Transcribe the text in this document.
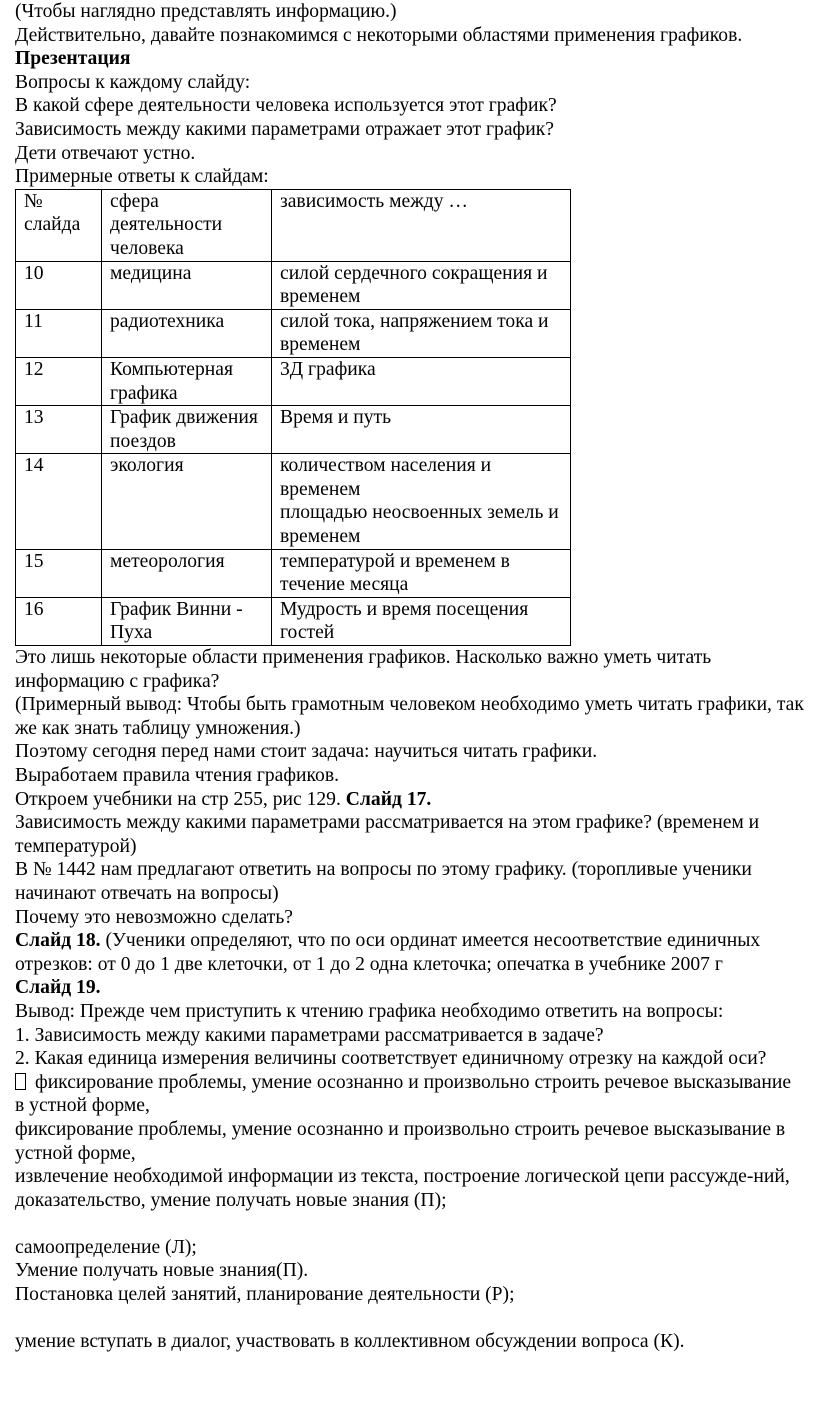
(Чтобы наглядно представлять информацию.)
Действительно, давайте познакомимся с некоторыми областями применения графиков.
Презентация
Вопросы к каждому слайду:
В какой сфере деятельности человека используется этот график?
Зависимость между какими параметрами отражает этот график?
Дети отвечают устно.
Примерные ответы к слайдам:
№ слайда	сфера деятельности человека	зависимость между …
10	медицина	силой сердечного сокращения и временем
11	радиотехника	силой тока, напряжением тока и временем
12	Компьютерная графика	3Д графика
13	График движения поездов	Время и путь
14	экология	количеством населения и временем
площадью неосвоенных земель и временем

15	метеорология	температурой и временем в течение месяца
16	График Винни - Пуха	Мудрость и время посещения гостей
Это лишь некоторые области применения графиков. Насколько важно уметь читать информацию с графика?
(Примерный вывод: Чтобы быть грамотным человеком необходимо уметь читать графики, так же как знать таблицу умножения.)
Поэтому сегодня перед нами стоит задача: научиться читать графики.
Выработаем правила чтения графиков.
Откроем учебники на стр 255, рис 129. Слайд 17.
Зависимость между какими параметрами рассматривается на этом графике? (временем и температурой)
В № 1442 нам предлагают ответить на вопросы по этому графику. (торопливые ученики начинают отвечать на вопросы)
Почему это невозможно сделать?
Слайд 18. (Ученики определяют, что по оси ординат имеется несоответствие единичных отрезков: от 0 до 1 две клеточки, от 1 до 2 одна клеточка; опечатка в учебнике 2007 г
Слайд 19.
Вывод: Прежде чем приступить к чтению графика необходимо ответить на вопросы:
1. Зависимость между какими параметрами рассматривается в задаче?
2. Какая единица измерения величины соответствует единичному отрезку на каждой оси?
фиксирование проблемы, умение осознанно и произвольно строить речевое высказывание в устной форме,
фиксирование проблемы, умение осознанно и произвольно строить речевое высказывание в устной форме,
извлечение необходимой информации из текста, построение логической цепи рассужде-ний, доказательство, умение получать новые знания (П);
самоопределение (Л);
Умение получать новые знания(П).
Постановка целей занятий, планирование деятельности (Р);
умение вступать в диалог, участвовать в коллективном обсуждении вопроса (К).
